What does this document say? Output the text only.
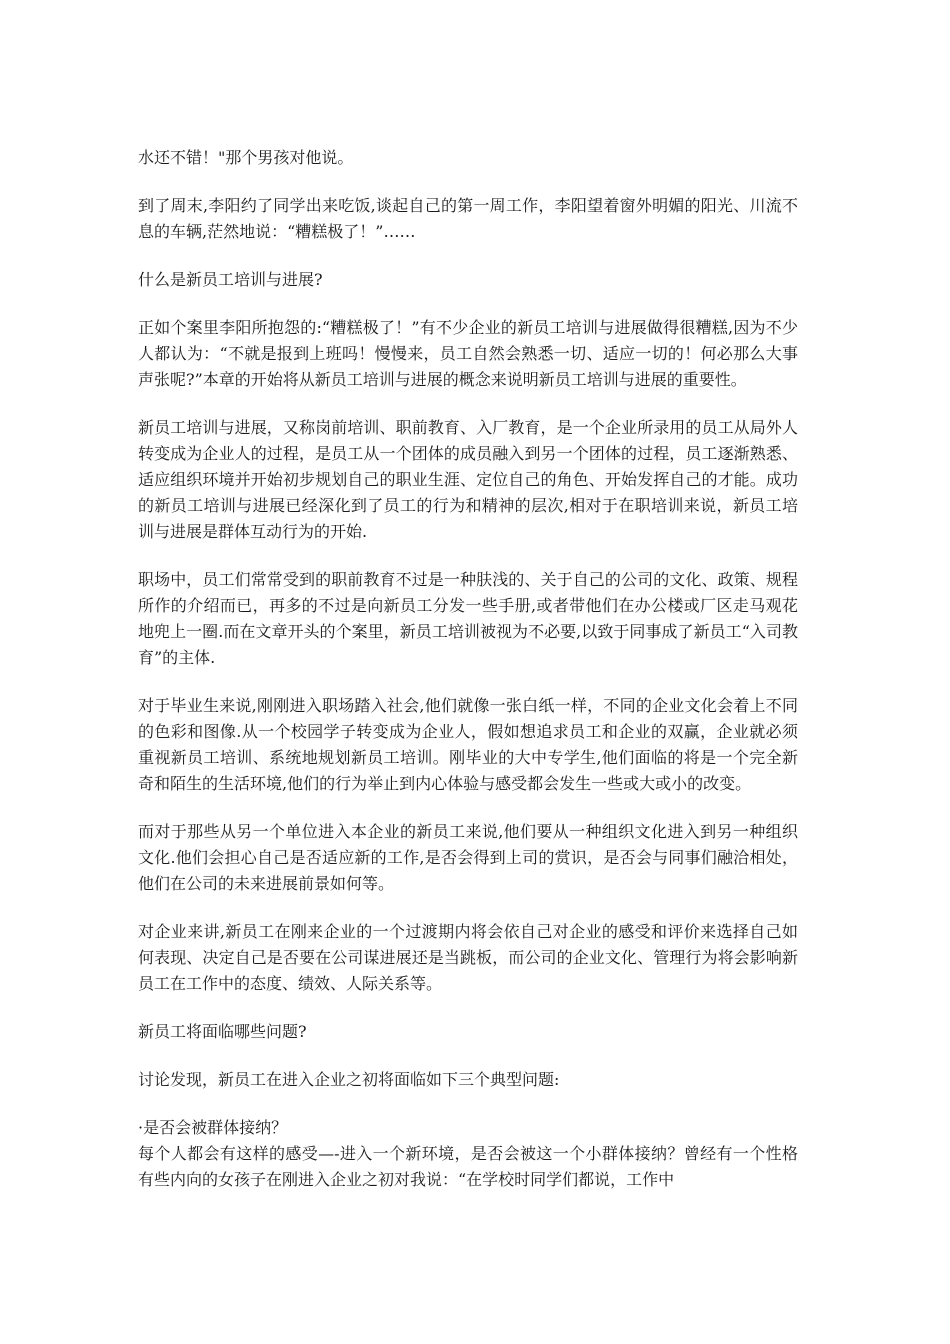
水还不错！"那个男孩对他说。

到了周末,李阳约了同学出来吃饭,谈起自己的第一周工作，李阳望着窗外明媚的阳光、川流不息的车辆,茫然地说：“糟糕极了！”……

什么是新员工培训与进展?

正如个案里李阳所抱怨的:“糟糕极了！”有不少企业的新员工培训与进展做得很糟糕,因为不少人都认为：“不就是报到上班吗！慢慢来，员工自然会熟悉一切、适应一切的！何必那么大事声张呢?”本章的开始将从新员工培训与进展的概念来说明新员工培训与进展的重要性。

新员工培训与进展，又称岗前培训、职前教育、入厂教育，是一个企业所录用的员工从局外人转变成为企业人的过程，是员工从一个团体的成员融入到另一个团体的过程，员工逐渐熟悉、适应组织环境并开始初步规划自己的职业生涯、定位自己的角色、开始发挥自己的才能。成功的新员工培训与进展已经深化到了员工的行为和精神的层次,相对于在职培训来说，新员工培训与进展是群体互动行为的开始.

职场中，员工们常常受到的职前教育不过是一种肤浅的、关于自己的公司的文化、政策、规程所作的介绍而已，再多的不过是向新员工分发一些手册,或者带他们在办公楼或厂区走马观花地兜上一圈.而在文章开头的个案里，新员工培训被视为不必要,以致于同事成了新员工“入司教育”的主体.

对于毕业生来说,刚刚进入职场踏入社会,他们就像一张白纸一样，不同的企业文化会着上不同的色彩和图像.从一个校园学子转变成为企业人，假如想追求员工和企业的双赢，企业就必须重视新员工培训、系统地规划新员工培训。刚毕业的大中专学生,他们面临的将是一个完全新奇和陌生的生活环境,他们的行为举止到内心体验与感受都会发生一些或大或小的改变。

而对于那些从另一个单位进入本企业的新员工来说,他们要从一种组织文化进入到另一种组织文化.他们会担心自己是否适应新的工作,是否会得到上司的赏识，是否会与同事们融洽相处，他们在公司的未来进展前景如何等。

对企业来讲,新员工在刚来企业的一个过渡期内将会依自己对企业的感受和评价来选择自己如何表现、决定自己是否要在公司谋进展还是当跳板，而公司的企业文化、管理行为将会影响新员工在工作中的态度、绩效、人际关系等。

新员工将面临哪些问题?

讨论发现，新员工在进入企业之初将面临如下三个典型问题:

·是否会被群体接纳？

每个人都会有这样的感受—-进入一个新环境，是否会被这一个小群体接纳？曾经有一个性格有些内向的女孩子在刚进入企业之初对我说：“在学校时同学们都说，工作中
